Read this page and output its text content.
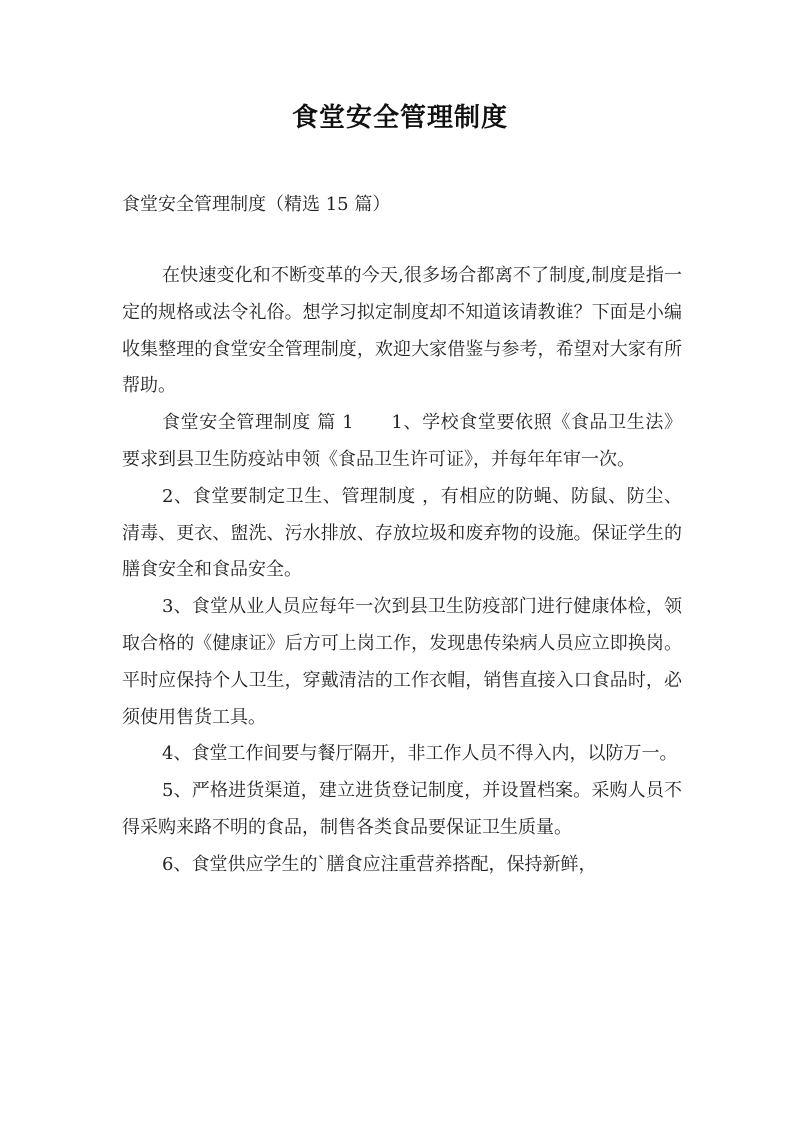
食堂安全管理制度
食堂安全管理制度（精选 15 篇）

在快速变化和不断变革的今天,很多场合都离不了制度,制度是指一定的规格或法令礼俗。想学习拟定制度却不知道该请教谁？下面是小编收集整理的食堂安全管理制度，欢迎大家借鉴与参考，希望对大家有所帮助。

食堂安全管理制度 篇 1　　1、学校食堂要依照《食品卫生法》要求到县卫生防疫站申领《食品卫生许可证》，并每年年审一次。

2、食堂要制定卫生、管理制度 ，有相应的防蝇、防鼠、防尘、清毒、更衣、盥洗、污水排放、存放垃圾和废弃物的设施。保证学生的膳食安全和食品安全。

3、食堂从业人员应每年一次到县卫生防疫部门进行健康体检，领取合格的《健康证》后方可上岗工作，发现患传染病人员应立即换岗。平时应保持个人卫生，穿戴清洁的工作衣帽，销售直接入口食品时，必须使用售货工具。

4、食堂工作间要与餐厅隔开，非工作人员不得入内，以防万一。

5、严格进货渠道，建立进货登记制度，并设置档案。采购人员不得采购来路不明的食品，制售各类食品要保证卫生质量。

6、食堂供应学生的`膳食应注重营养搭配，保持新鲜，
